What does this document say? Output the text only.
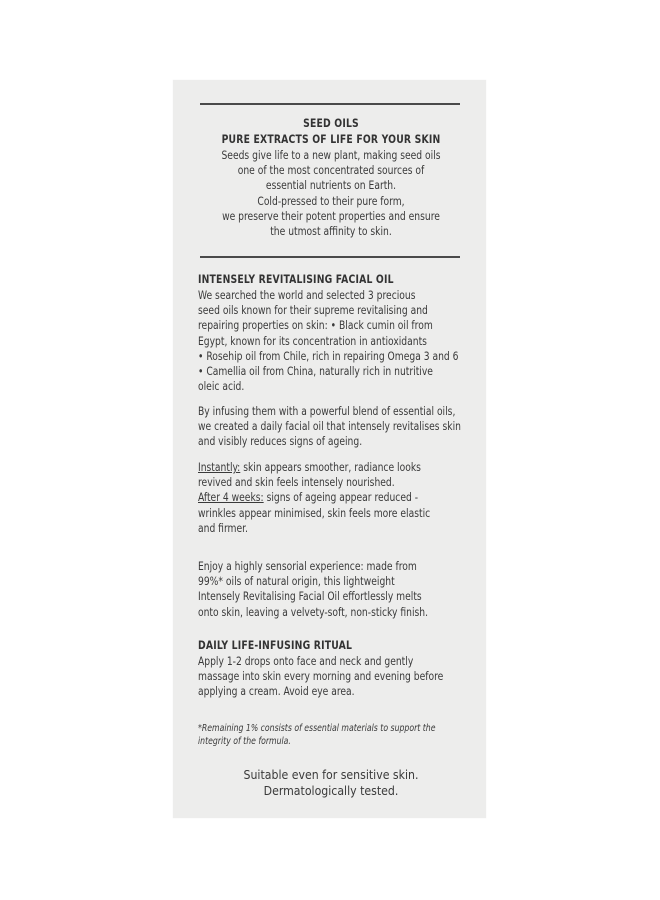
SEED OILS
PURE EXTRACTS OF LIFE FOR YOUR SKIN
Seeds give life to a new plant, making seed oils
one of the most concentrated sources of
essential nutrients on Earth.
Cold-pressed to their pure form,
we preserve their potent properties and ensure
the utmost affinity to skin.
INTENSELY REVITALISING FACIAL OIL
We searched the world and selected 3 precious
seed oils known for their supreme revitalising and
repairing properties on skin: • Black cumin oil from
Egypt, known for its concentration in antioxidants
• Rosehip oil from Chile, rich in repairing Omega 3 and 6
• Camellia oil from China, naturally rich in nutritive
oleic acid.
By infusing them with a powerful blend of essential oils,
we created a daily facial oil that intensely revitalises skin
and visibly reduces signs of ageing.
Instantly: skin appears smoother, radiance looks
revived and skin feels intensely nourished.
After 4 weeks: signs of ageing appear reduced -
wrinkles appear minimised, skin feels more elastic
and firmer.
Enjoy a highly sensorial experience: made from
99%* oils of natural origin, this lightweight
Intensely Revitalising Facial Oil effortlessly melts
onto skin, leaving a velvety-soft, non-sticky finish.
DAILY LIFE-INFUSING RITUAL
Apply 1-2 drops onto face and neck and gently
massage into skin every morning and evening before
applying a cream. Avoid eye area.
*Remaining 1% consists of essential materials to support the
integrity of the formula.
Suitable even for sensitive skin.
Dermatologically tested.
